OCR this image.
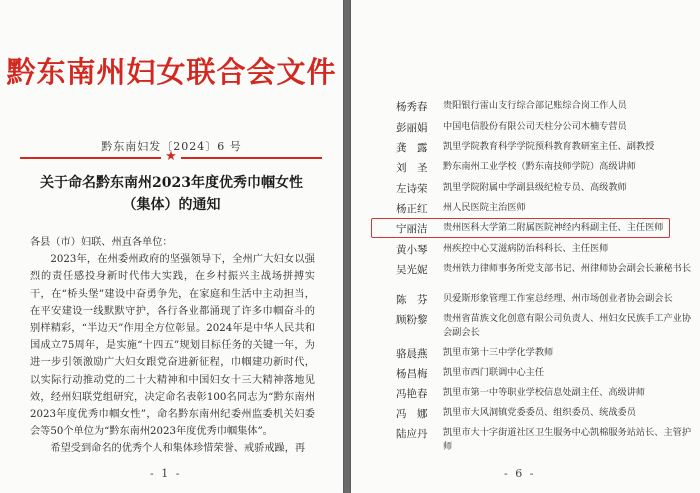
黔东南州妇女联合会文件
黔东南妇发〔2024〕6 号
★
关于命名黔东南州2023年度优秀巾帼女性
（集体）的通知

各县（市）妇联、州直各单位：

2023年，在州委州政府的坚强领导下，全州广大妇女以强烈的责任感投身新时代伟大实践，在乡村振兴主战场拼搏实干，在“桥头堡”建设中奋勇争先，在家庭和生活中主动担当，在平安建设一线默默守护，各行各业都涌现了许多巾帼奋斗的别样精彩，“半边天”作用全方位彰显。2024年是中华人民共和国成立75周年，是实施“十四五”规划目标任务的关键一年，为进一步引领激励广大妇女跟党奋进新征程，巾帼建功新时代，以实际行动推动党的二十大精神和中国妇女十三大精神落地见效，经州妇联党组研究，决定命名表彰100名同志为“黔东南州2023年度优秀巾帼女性”，命名黔东南州纪委州监委机关妇委会等50个单位为“黔东南州2023年度优秀巾帼集体”。

希望受到命名的优秀个人和集体珍惜荣誉、戒骄戒躁，再

- 1 -
杨秀春	贵阳银行雷山支行综合部记账综合岗工作人员
彭丽娟	中国电信股份有限公司天柱分公司木楠专营员
龚　露	凯里学院教育科学学院预科教育教研室主任、副教授
刘　圣	黔东南州工业学校（黔东南技师学院）高级讲师
左诗荣	凯里学院附属中学副县级纪检专员、高级教师
杨正红	州人民医院主治医师
宁丽洁	贵州医科大学第二附属医院神经内科副主任、主任医师
黄小琴	州疾控中心艾滋病防治科科长、主任医师
吴光妮	贵州铁力律师事务所党支部书记、州律师协会副会长兼秘书长
陈　芬	贝爱斯形象管理工作室总经理、州市场创业者协会副会长
顾粉黎	贵州省苗族文化创意有限公司负责人、州妇女民族手工产业协会副会长
骆晨燕	凯里市第十三中学化学教师
杨昌梅	凯里市西门联调中心主任
冯艳春	凯里市第一中等职业学校信息处副主任、高级讲师
冯　娜	凯里市大风洞镇党委委员、组织委员、统战委员
陆应丹	凯里市大十字街道社区卫生服务中心凯棉服务站站长、主管护师
- 6 -
